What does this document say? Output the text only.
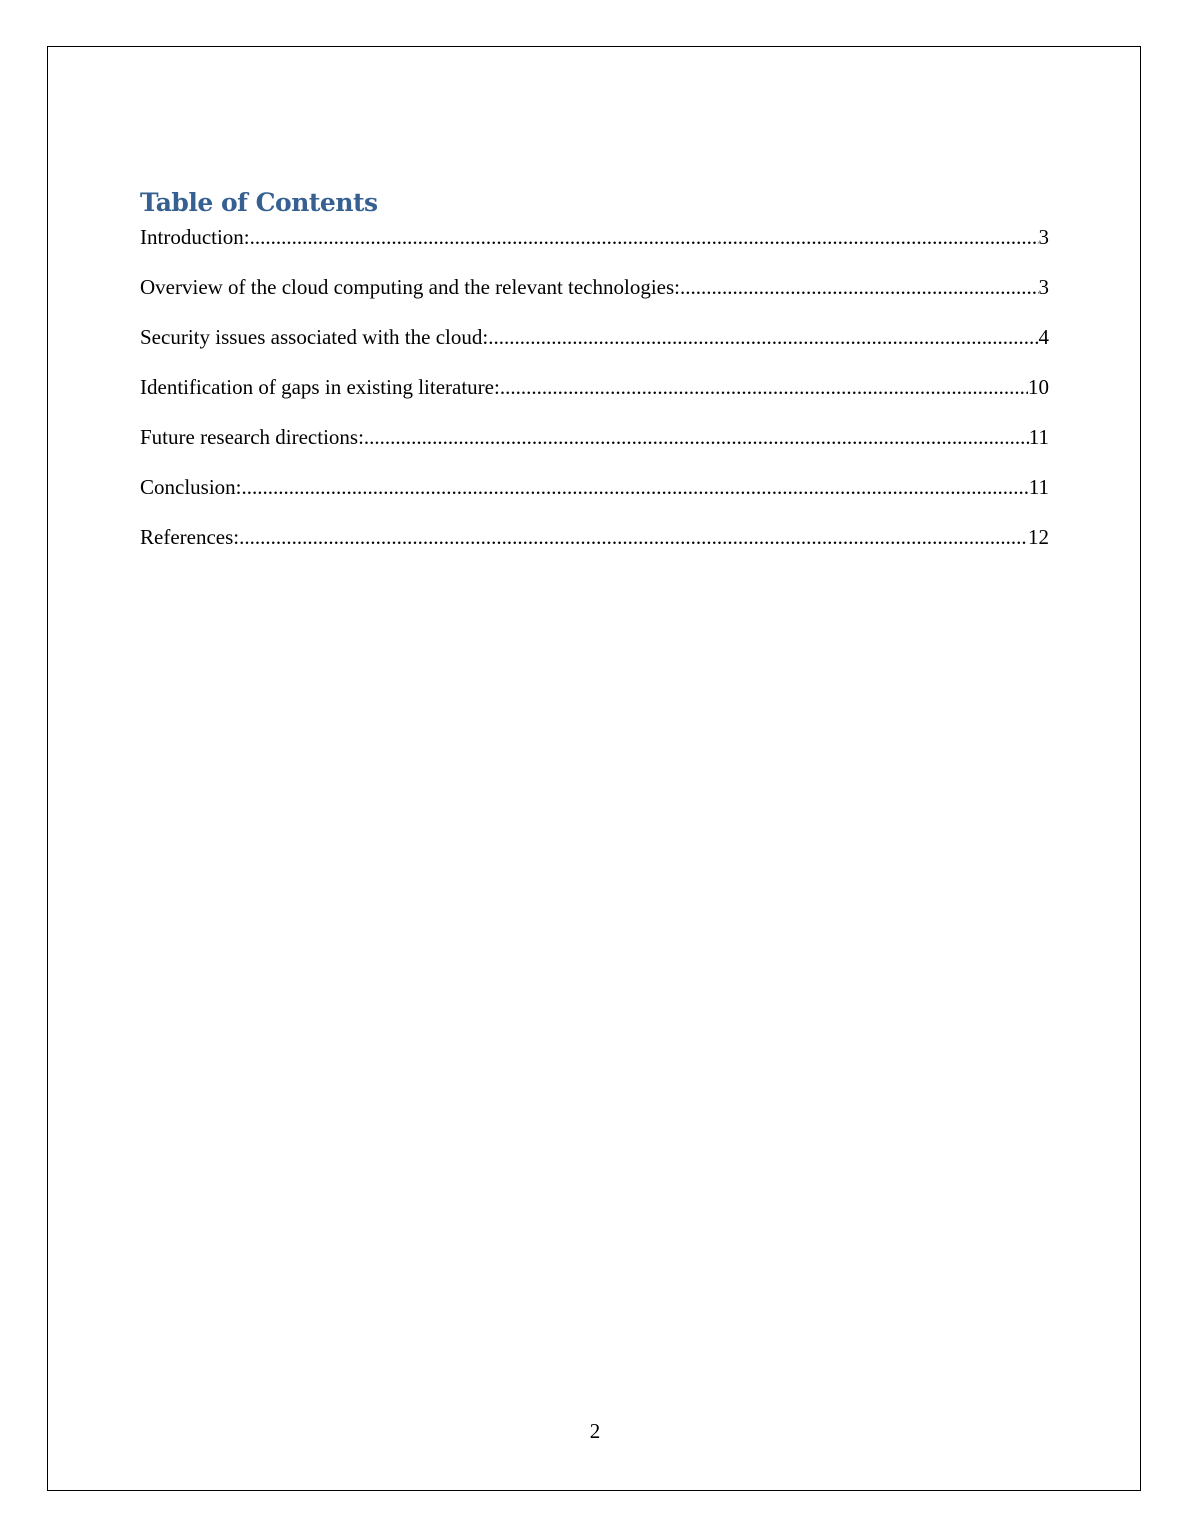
Table of Contents
Introduction: .....	3
Overview of the cloud computing and the relevant technologies: .....	3
Security issues associated with the cloud: .....	4
Identification of gaps in existing literature: .....	10
Future research directions: .....	11
Conclusion: .....	11
References: .....	12
2
